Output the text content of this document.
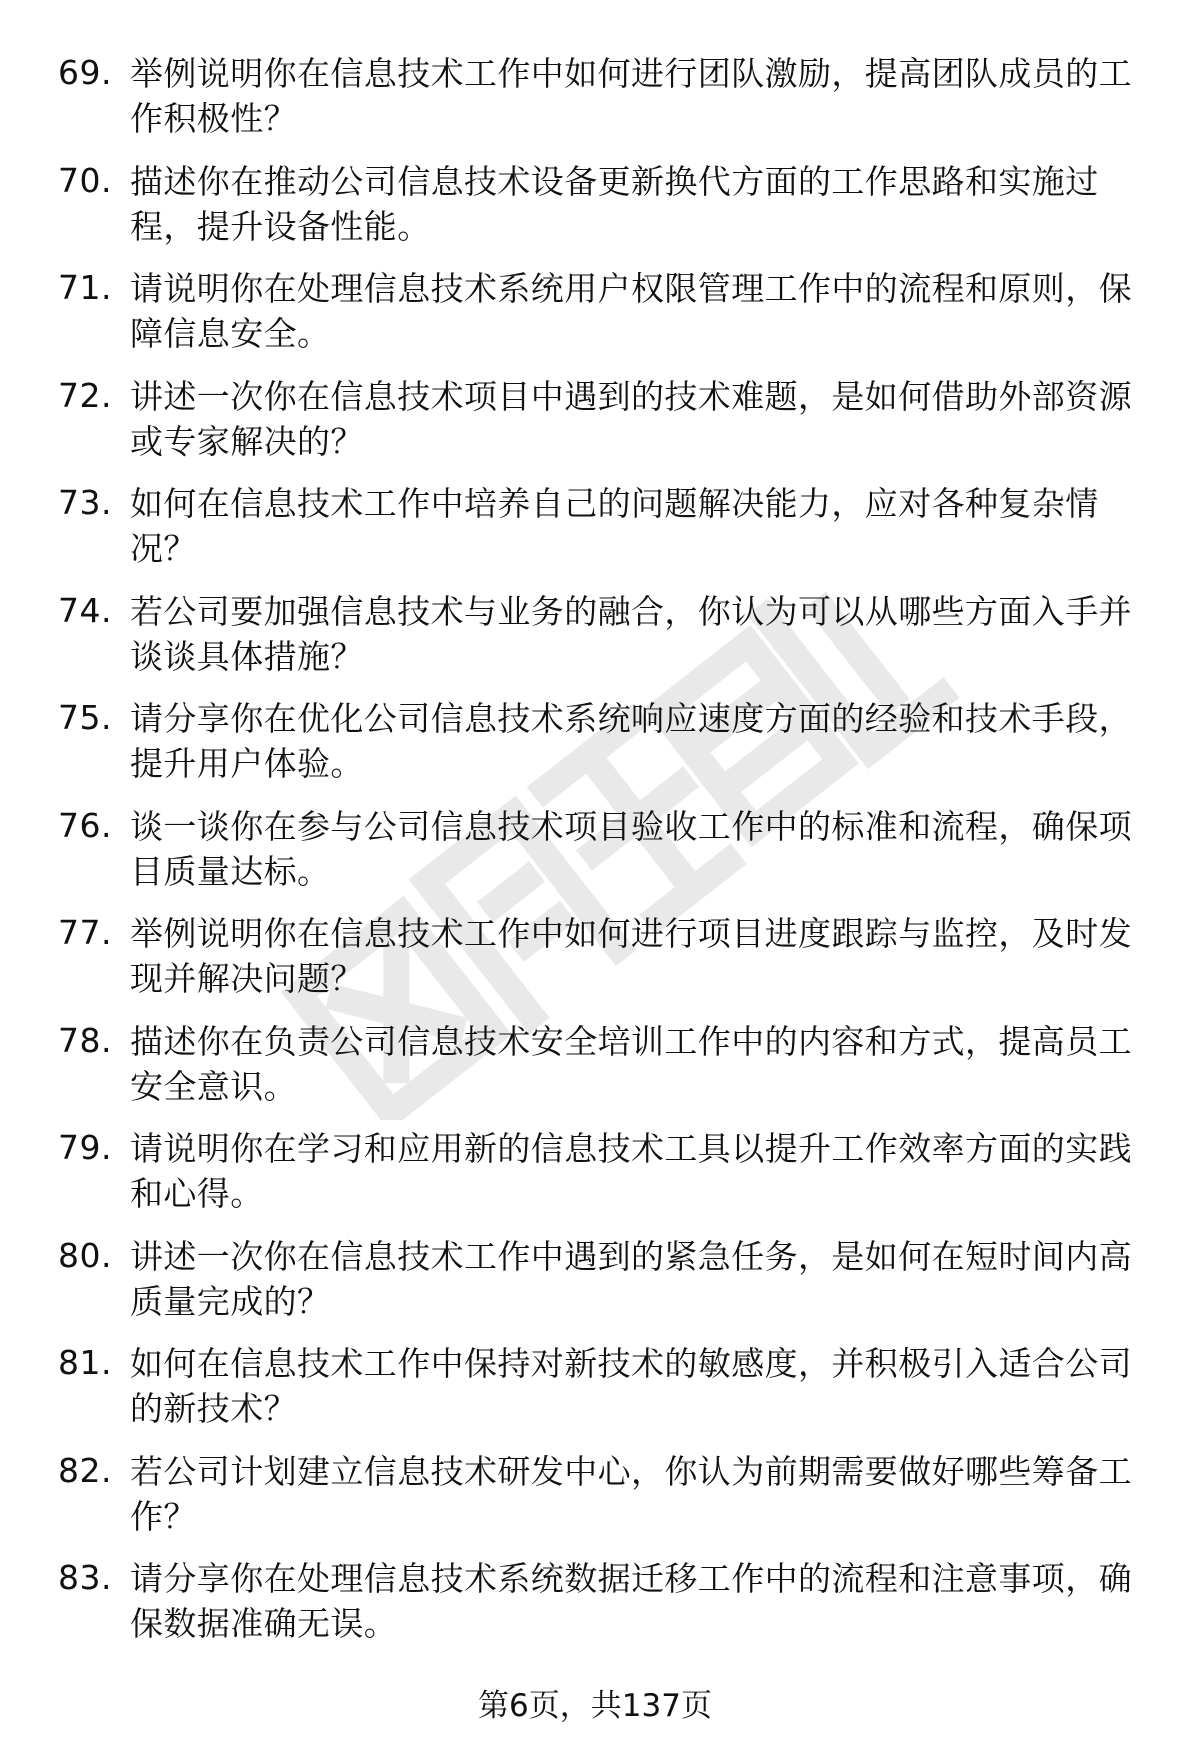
69. 举例说明你在信息技术工作中如何进行团队激励，提高团队成员的工作积极性？
70. 描述你在推动公司信息技术设备更新换代方面的工作思路和实施过程，提升设备性能。
71. 请说明你在处理信息技术系统用户权限管理工作中的流程和原则，保障信息安全。
72. 讲述一次你在信息技术项目中遇到的技术难题，是如何借助外部资源或专家解决的？
73. 如何在信息技术工作中培养自己的问题解决能力，应对各种复杂情况？
74. 若公司要加强信息技术与业务的融合，你认为可以从哪些方面入手并谈谈具体措施？
75. 请分享你在优化公司信息技术系统响应速度方面的经验和技术手段，提升用户体验。
76. 谈一谈你在参与公司信息技术项目验收工作中的标准和流程，确保项目质量达标。
77. 举例说明你在信息技术工作中如何进行项目进度跟踪与监控，及时发现并解决问题？
78. 描述你在负责公司信息技术安全培训工作中的内容和方式，提高员工安全意识。
79. 请说明你在学习和应用新的信息技术工具以提升工作效率方面的实践和心得。
80. 讲述一次你在信息技术工作中遇到的紧急任务，是如何在短时间内高质量完成的？
81. 如何在信息技术工作中保持对新技术的敏感度，并积极引入适合公司的新技术？
82. 若公司计划建立信息技术研发中心，你认为前期需要做好哪些筹备工作？
83. 请分享你在处理信息技术系统数据迁移工作中的流程和注意事项，确保数据准确无误。
第6页，共137页
